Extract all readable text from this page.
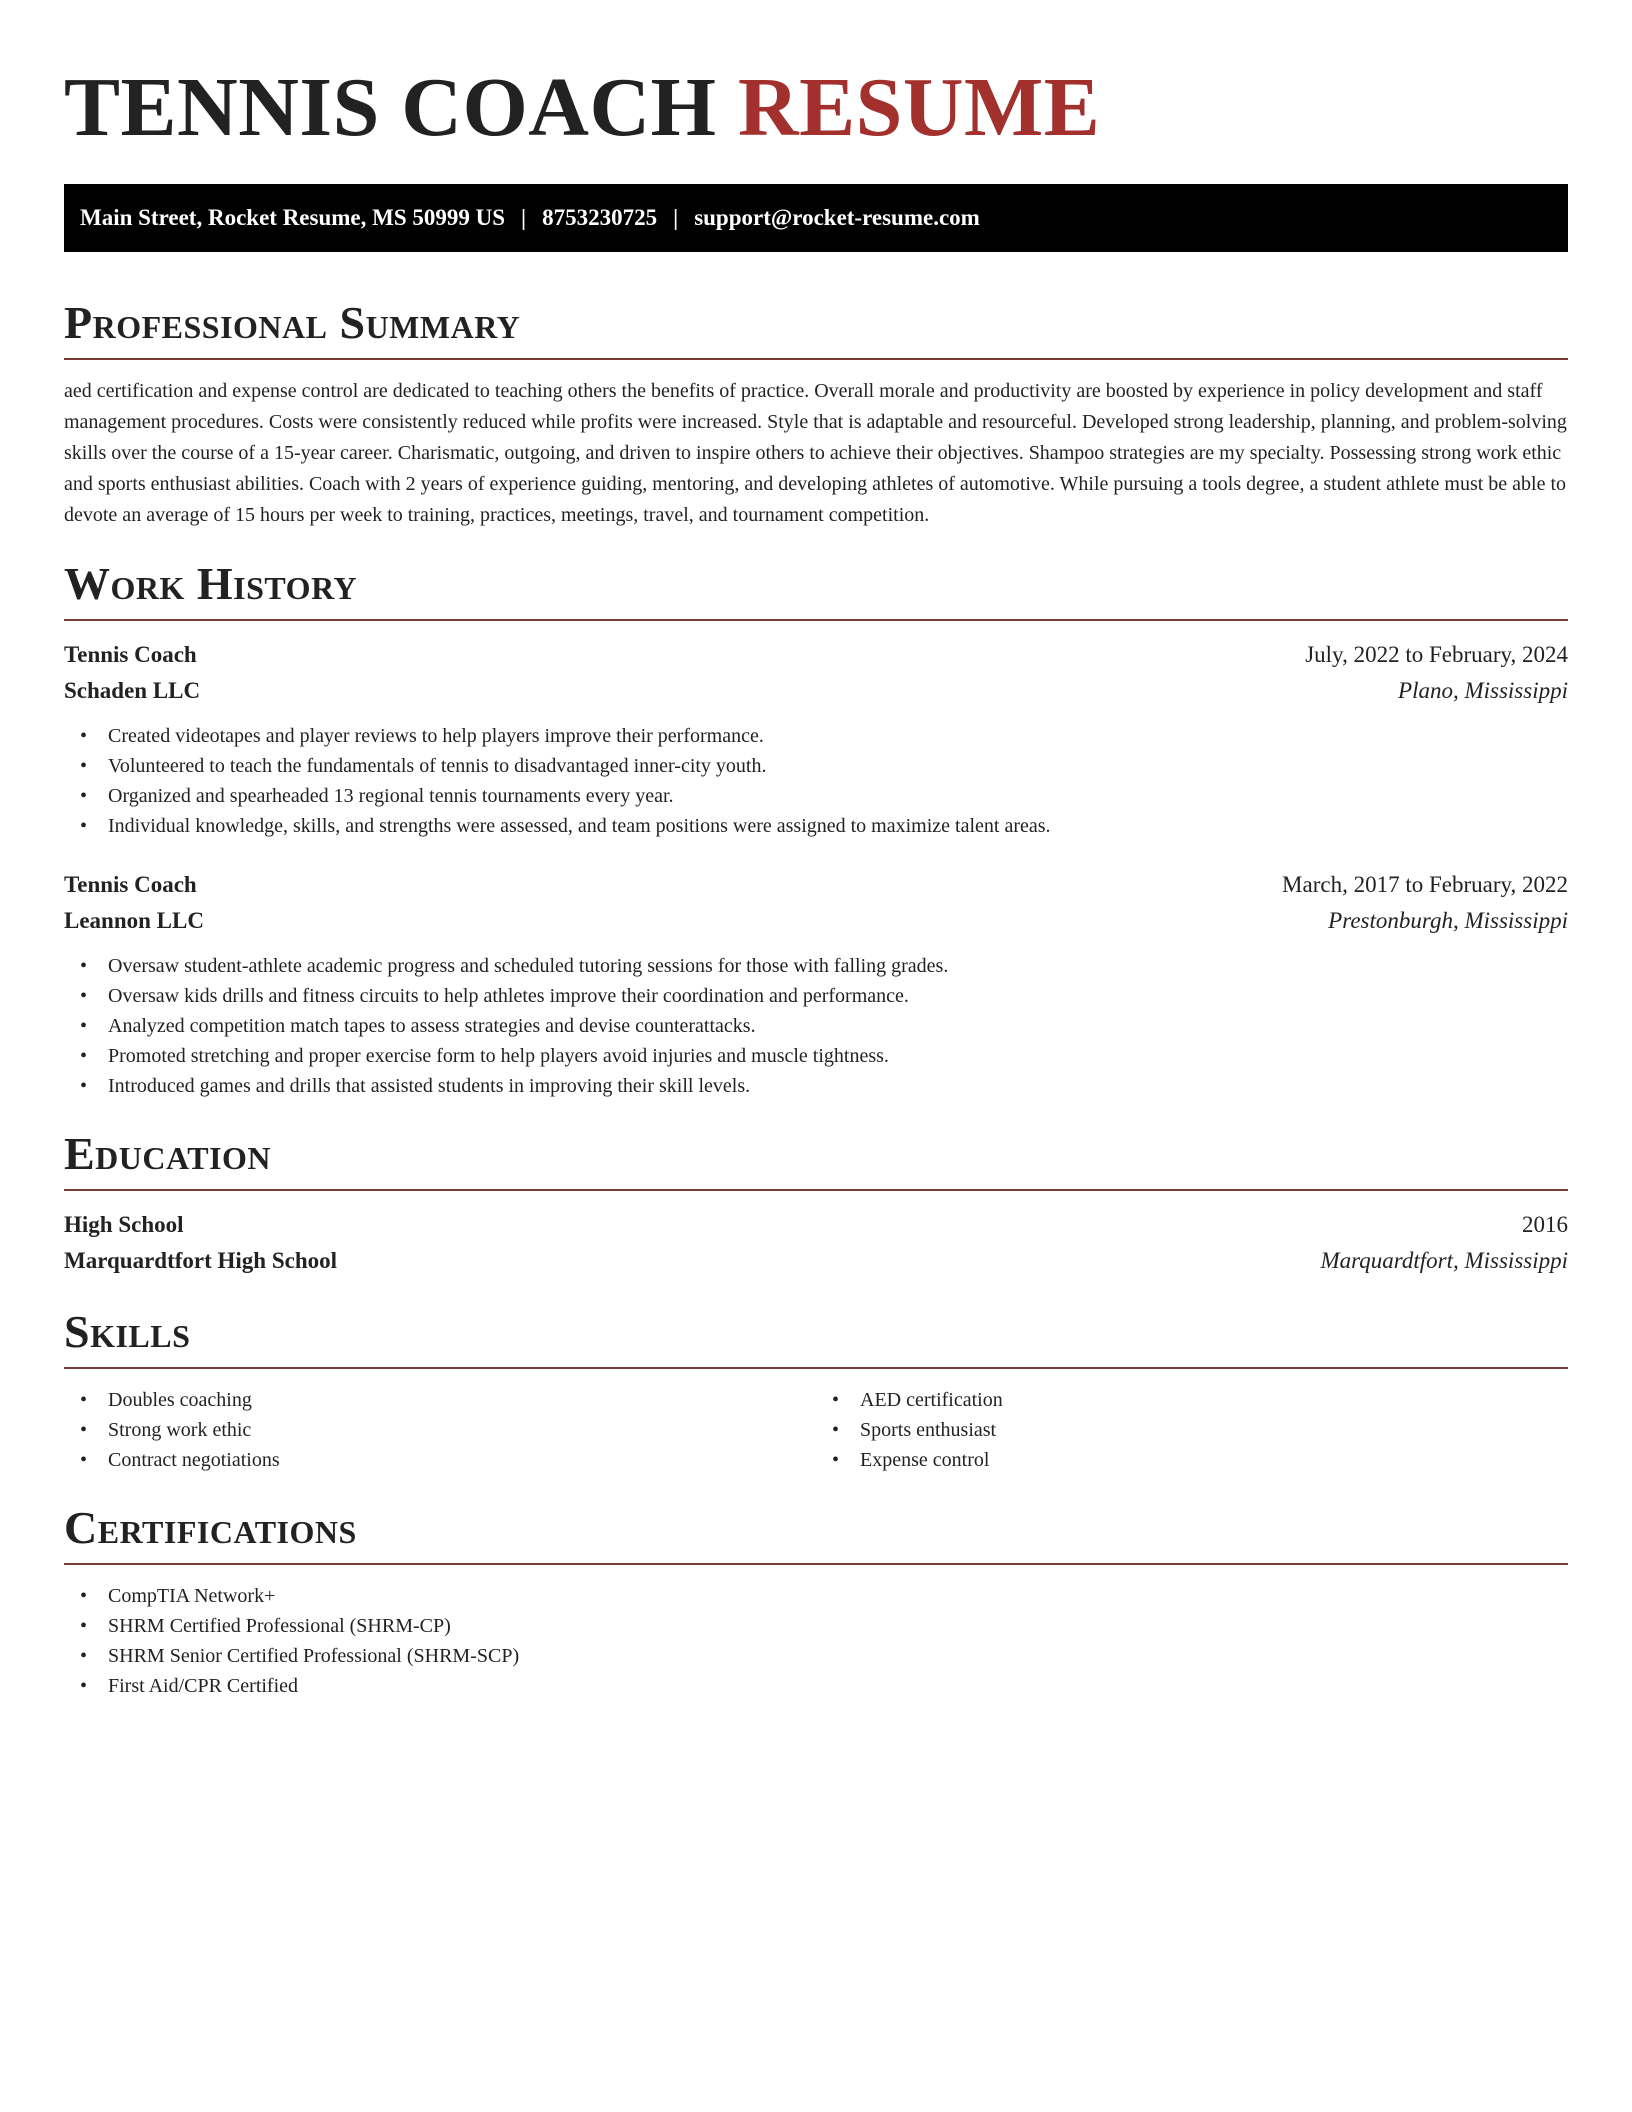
TENNIS COACH RESUME
Main Street, Rocket Resume, MS 50999 US | 8753230725 | support@rocket-resume.com
Professional Summary

aed certification and expense control are dedicated to teaching others the benefits of practice. Overall morale and productivity are boosted by experience in policy development and staff management procedures. Costs were consistently reduced while profits were increased. Style that is adaptable and resourceful. Developed strong leadership, planning, and problem-solving skills over the course of a 15-year career. Charismatic, outgoing, and driven to inspire others to achieve their objectives. Shampoo strategies are my specialty. Possessing strong work ethic and sports enthusiast abilities. Coach with 2 years of experience guiding, mentoring, and developing athletes of automotive. While pursuing a tools degree, a student athlete must be able to devote an average of 15 hours per week to training, practices, meetings, travel, and tournament competition.

Work History
Tennis Coach	July, 2022 to February, 2024
Schaden LLC	Plano, Mississippi
• Created videotapes and player reviews to help players improve their performance.
• Volunteered to teach the fundamentals of tennis to disadvantaged inner-city youth.
• Organized and spearheaded 13 regional tennis tournaments every year.
• Individual knowledge, skills, and strengths were assessed, and team positions were assigned to maximize talent areas.
Tennis Coach	March, 2017 to February, 2022
Leannon LLC	Prestonburgh, Mississippi
• Oversaw student-athlete academic progress and scheduled tutoring sessions for those with falling grades.
• Oversaw kids drills and fitness circuits to help athletes improve their coordination and performance.
• Analyzed competition match tapes to assess strategies and devise counterattacks.
• Promoted stretching and proper exercise form to help players avoid injuries and muscle tightness.
• Introduced games and drills that assisted students in improving their skill levels.
Education
High School	2016
Marquardtfort High School	Marquardtfort, Mississippi
Skills
• Doubles coaching
• Strong work ethic
• Contract negotiations
• AED certification
• Sports enthusiast
• Expense control
Certifications
• CompTIA Network+
• SHRM Certified Professional (SHRM-CP)
• SHRM Senior Certified Professional (SHRM-SCP)
• First Aid/CPR Certified
